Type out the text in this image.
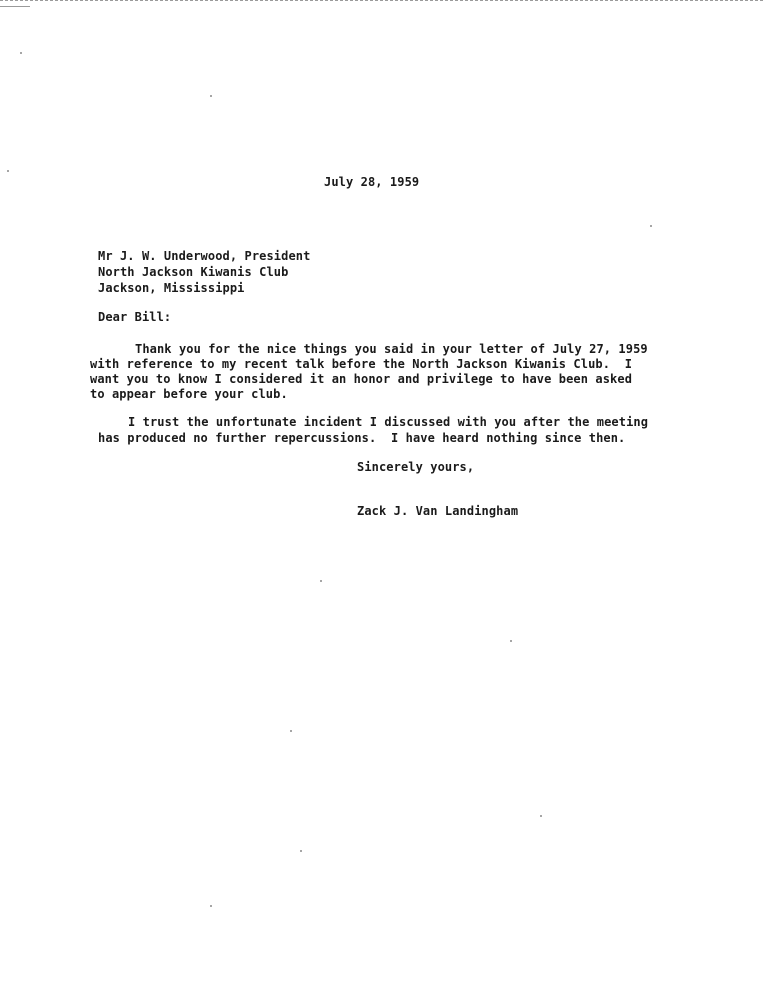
July 28, 1959
Mr J. W. Underwood, President
North Jackson Kiwanis Club
Jackson, Mississippi
Dear Bill:
Thank you for the nice things you said in your letter of July 27, 1959
with reference to my recent talk before the North Jackson Kiwanis Club.  I
want you to know I considered it an honor and privilege to have been asked
to appear before your club.
I trust the unfortunate incident I discussed with you after the meeting
has produced no further repercussions.  I have heard nothing since then.
Sincerely yours,
Zack J. Van Landingham
